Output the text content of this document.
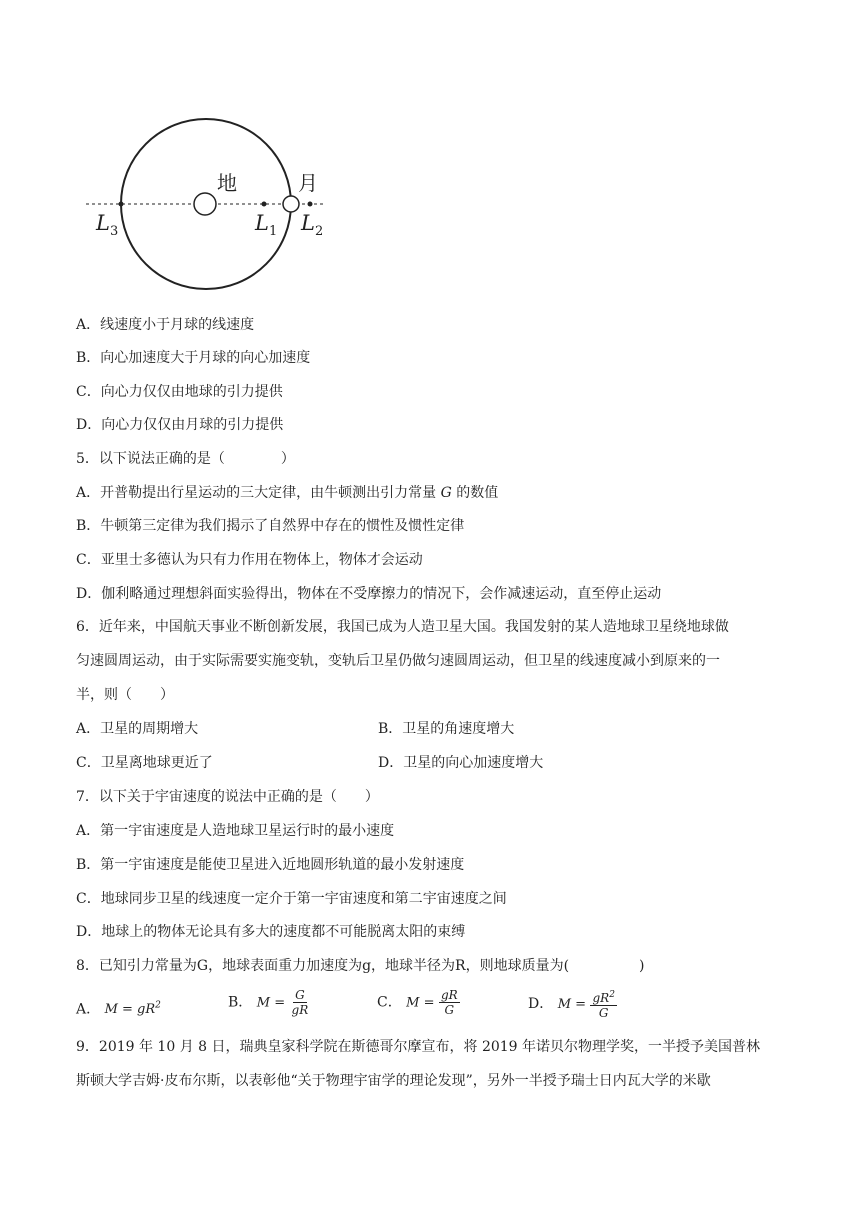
地	月
$L_3$	$L_1$ $L_2$
A．线速度小于月球的线速度
B．向心加速度大于月球的向心加速度
C．向心力仅仅由地球的引力提供
D．向心力仅仅由月球的引力提供
5．以下说法正确的是（　　　　）
A．开普勒提出行星运动的三大定律，由牛顿测出引力常量 G 的数值
B．牛顿第三定律为我们揭示了自然界中存在的惯性及惯性定律
C．亚里士多德认为只有力作用在物体上，物体才会运动
D．伽利略通过理想斜面实验得出，物体在不受摩擦力的情况下，会作减速运动，直至停止运动
6．近年来，中国航天事业不断创新发展，我国已成为人造卫星大国。我国发射的某人造地球卫星绕地球做
匀速圆周运动，由于实际需要实施变轨，变轨后卫星仍做匀速圆周运动，但卫星的线速度减小到原来的一
半，则（　　）
A．卫星的周期增大	B．卫星的角速度增大
C．卫星离地球更近了	D．卫星的向心加速度增大
7．以下关于宇宙速度的说法中正确的是（　　）
A．第一宇宙速度是人造地球卫星运行时的最小速度
B．第一宇宙速度是能使卫星进入近地圆形轨道的最小发射速度
C．地球同步卫星的线速度一定介于第一宇宙速度和第二宇宙速度之间
D．地球上的物体无论具有多大的速度都不可能脱离太阳的束缚
8．已知引力常量为G，地球表面重力加速度为g，地球半径为R，则地球质量为(　　　　　)
A． $M = gR^2$	B． $M = \frac{G}{gR}$	C． $M = \frac{gR}{G}$	D． $M = \frac{gR^2}{G}$
9．2019 年 10 月 8 日，瑞典皇家科学院在斯德哥尔摩宣布，将 2019 年诺贝尔物理学奖，一半授予美国普林
斯顿大学吉姆·皮布尔斯，以表彰他“关于物理宇宙学的理论发现”，另外一半授予瑞士日内瓦大学的米歇
